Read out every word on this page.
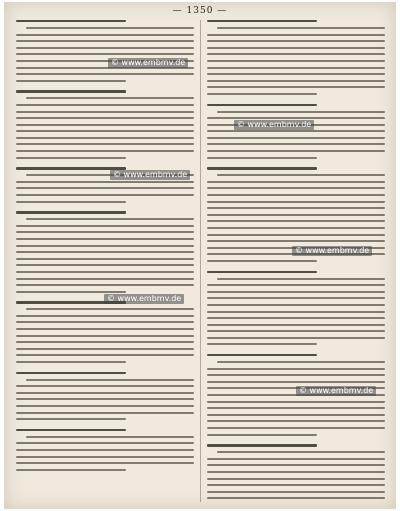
— 1350 —
© www.embmv.de
© www.embmv.de
© www.embmv.de
© www.embmv.de
© www.embmv.de
© www.embmv.de
